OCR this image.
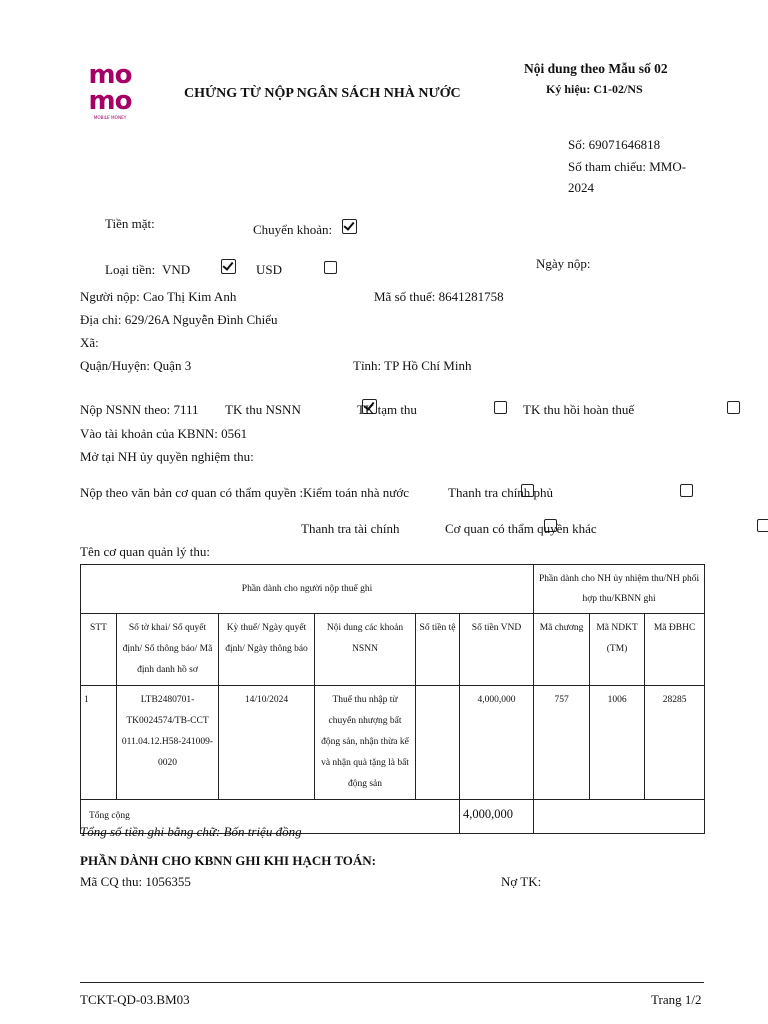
mo
mo
MOBILE MONEY
CHỨNG TỪ NỘP NGÂN SÁCH NHÀ NƯỚC
Nội dung theo Mẫu số 02
Ký hiệu: C1-02/NS
Số: 69071646818
Số tham chiếu: MMO-
2024
Tiền mặt:	Chuyển khoản:

Loại tiền: VND
	USD
	Ngày nộp:
Người nộp: Cao Thị Kim Anh	Mã số thuế: 8641281758
Địa chỉ: 629/26A Nguyễn Đình Chiểu
Xã:
Quận/Huyện: Quận 3	Tỉnh: TP Hồ Chí Minh
Nộp NSNN theo: 7111 TK thu NSNN
	TK tạm thu
	TK thu hồi hoàn thuế

Vào tài khoản của KBNN: 0561
Mở tại NH ủy quyền nghiệm thu:
Nộp theo văn bản cơ quan có thẩm quyền : Kiểm toán nhà nước
	Thanh tra chính phủ

Thanh tra tài chính
	Cơ quan có thẩm quyền khác
Tên cơ quan quản lý thu:
Phần dành cho người nộp thuế ghi						Phần dành cho NH ủy nhiệm thu/NH phối hợp thu/KBNN ghi		
STT	Số tờ khai/ Số quyết định/ Số thông báo/ Mã định danh hồ sơ	Kỳ thuế/ Ngày quyết định/ Ngày thông báo	Nội dung các khoản NSNN	Số tiền tệ	Số tiền VND	Mã chương	Mã NDKT (TM)	Mã ĐBHC
1	LTB2480701-TK0024574/TB-CCT 011.04.12.H58-241009-0020	14/10/2024	Thuế thu nhập từ chuyển nhượng bất động sản, nhận thừa kế và nhận quà tặng là bất động sản		4,000,000	757	1006	28285
Tổng cộng					4,000,000			
Tổng số tiền ghi bằng chữ: Bốn triệu đồng
PHẦN DÀNH CHO KBNN GHI KHI HẠCH TOÁN:
Mã CQ thu: 1056355	Nợ TK:
TCKT-QD-03.BM03	Trang 1/2
